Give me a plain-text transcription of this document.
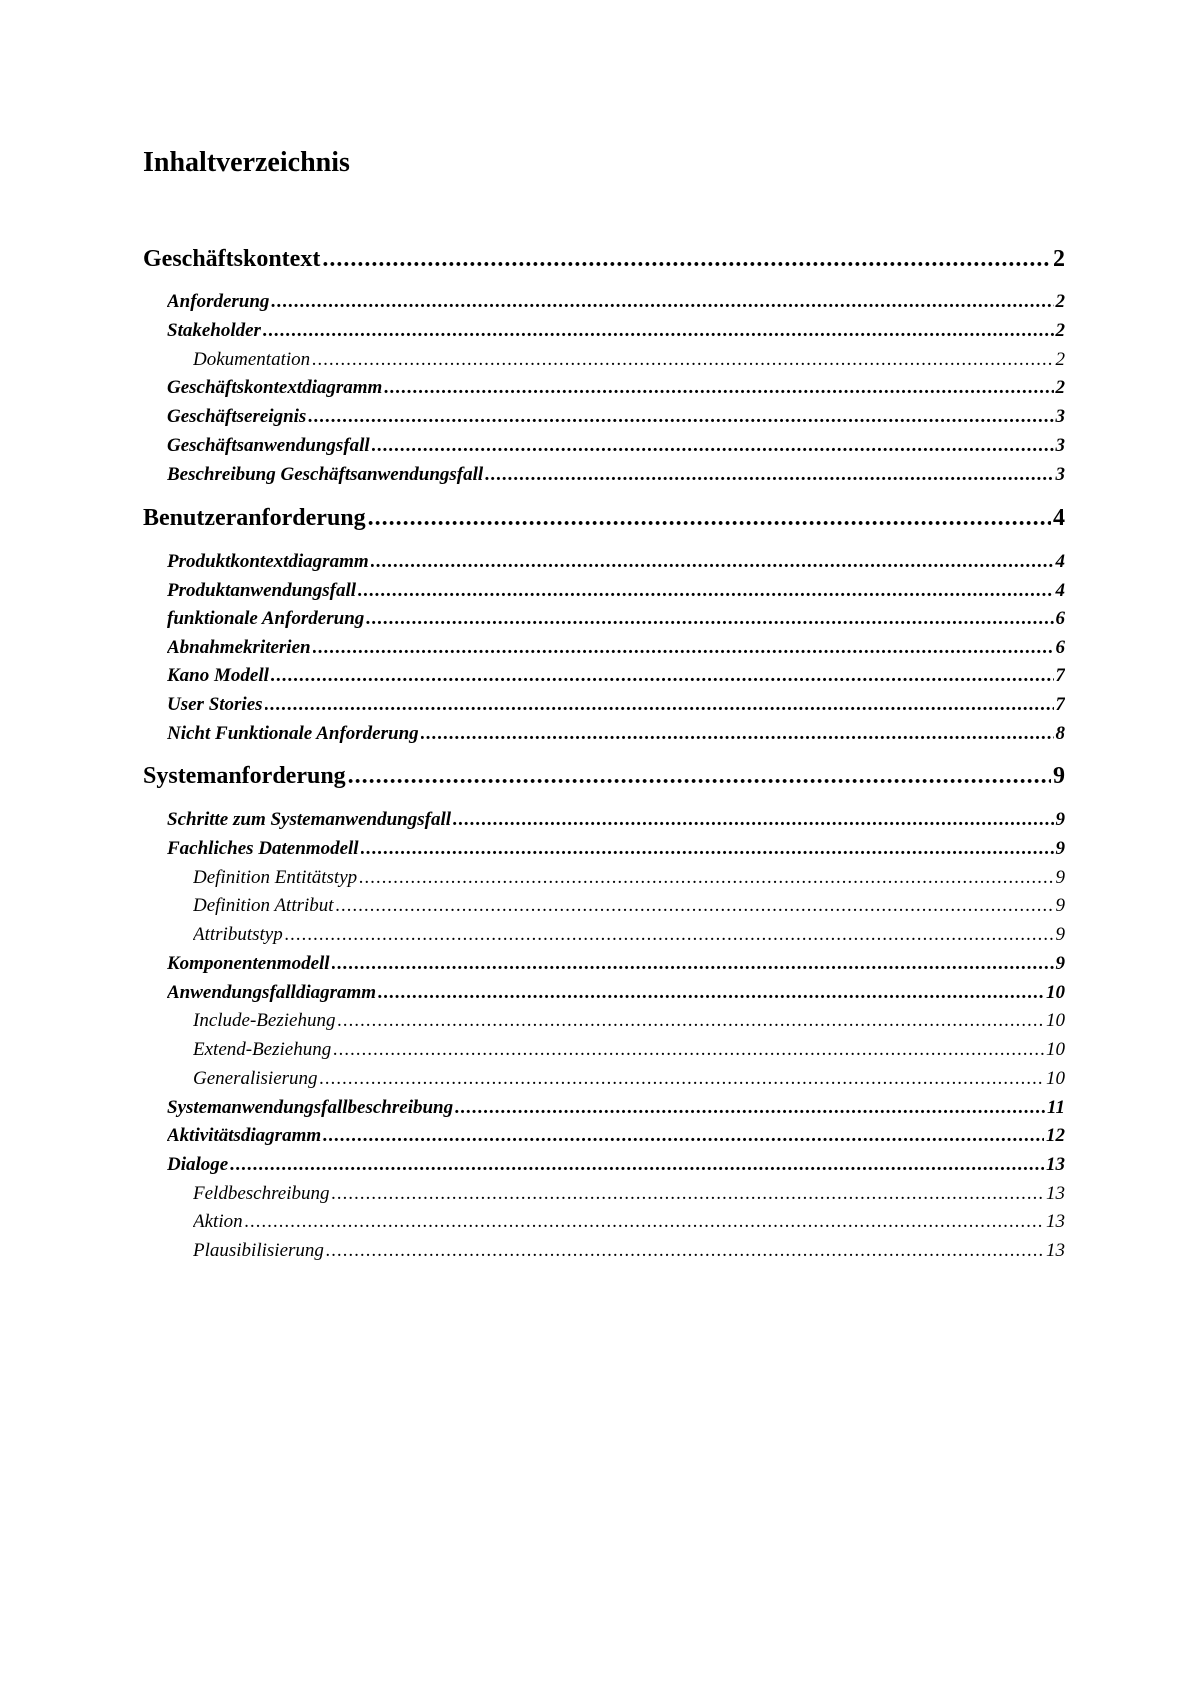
Inhaltverzeichnis
Geschäftskontext .....	2
Anforderung .....	2
Stakeholder .....	2
Dokumentation .....	2
Geschäftskontextdiagramm .....	2
Geschäftsereignis .....	3
Geschäftsanwendungsfall .....	3
Beschreibung Geschäftsanwendungsfall .....	3
Benutzeranforderung .....	4
Produktkontextdiagramm .....	4
Produktanwendungsfall .....	4
funktionale Anforderung .....	6
Abnahmekriterien .....	6
Kano Modell .....	7
User Stories .....	7
Nicht Funktionale Anforderung .....	8
Systemanforderung .....	9
Schritte zum Systemanwendungsfall .....	9
Fachliches Datenmodell .....	9
Definition Entitätstyp .....	9
Definition Attribut .....	9
Attributstyp .....	9
Komponentenmodell .....	9
Anwendungsfalldiagramm .....	10
Include-Beziehung .....	10
Extend-Beziehung .....	10
Generalisierung .....	10
Systemanwendungsfallbeschreibung .....	11
Aktivitätsdiagramm .....	12
Dialoge .....	13
Feldbeschreibung .....	13
Aktion .....	13
Plausibilisierung .....	13
